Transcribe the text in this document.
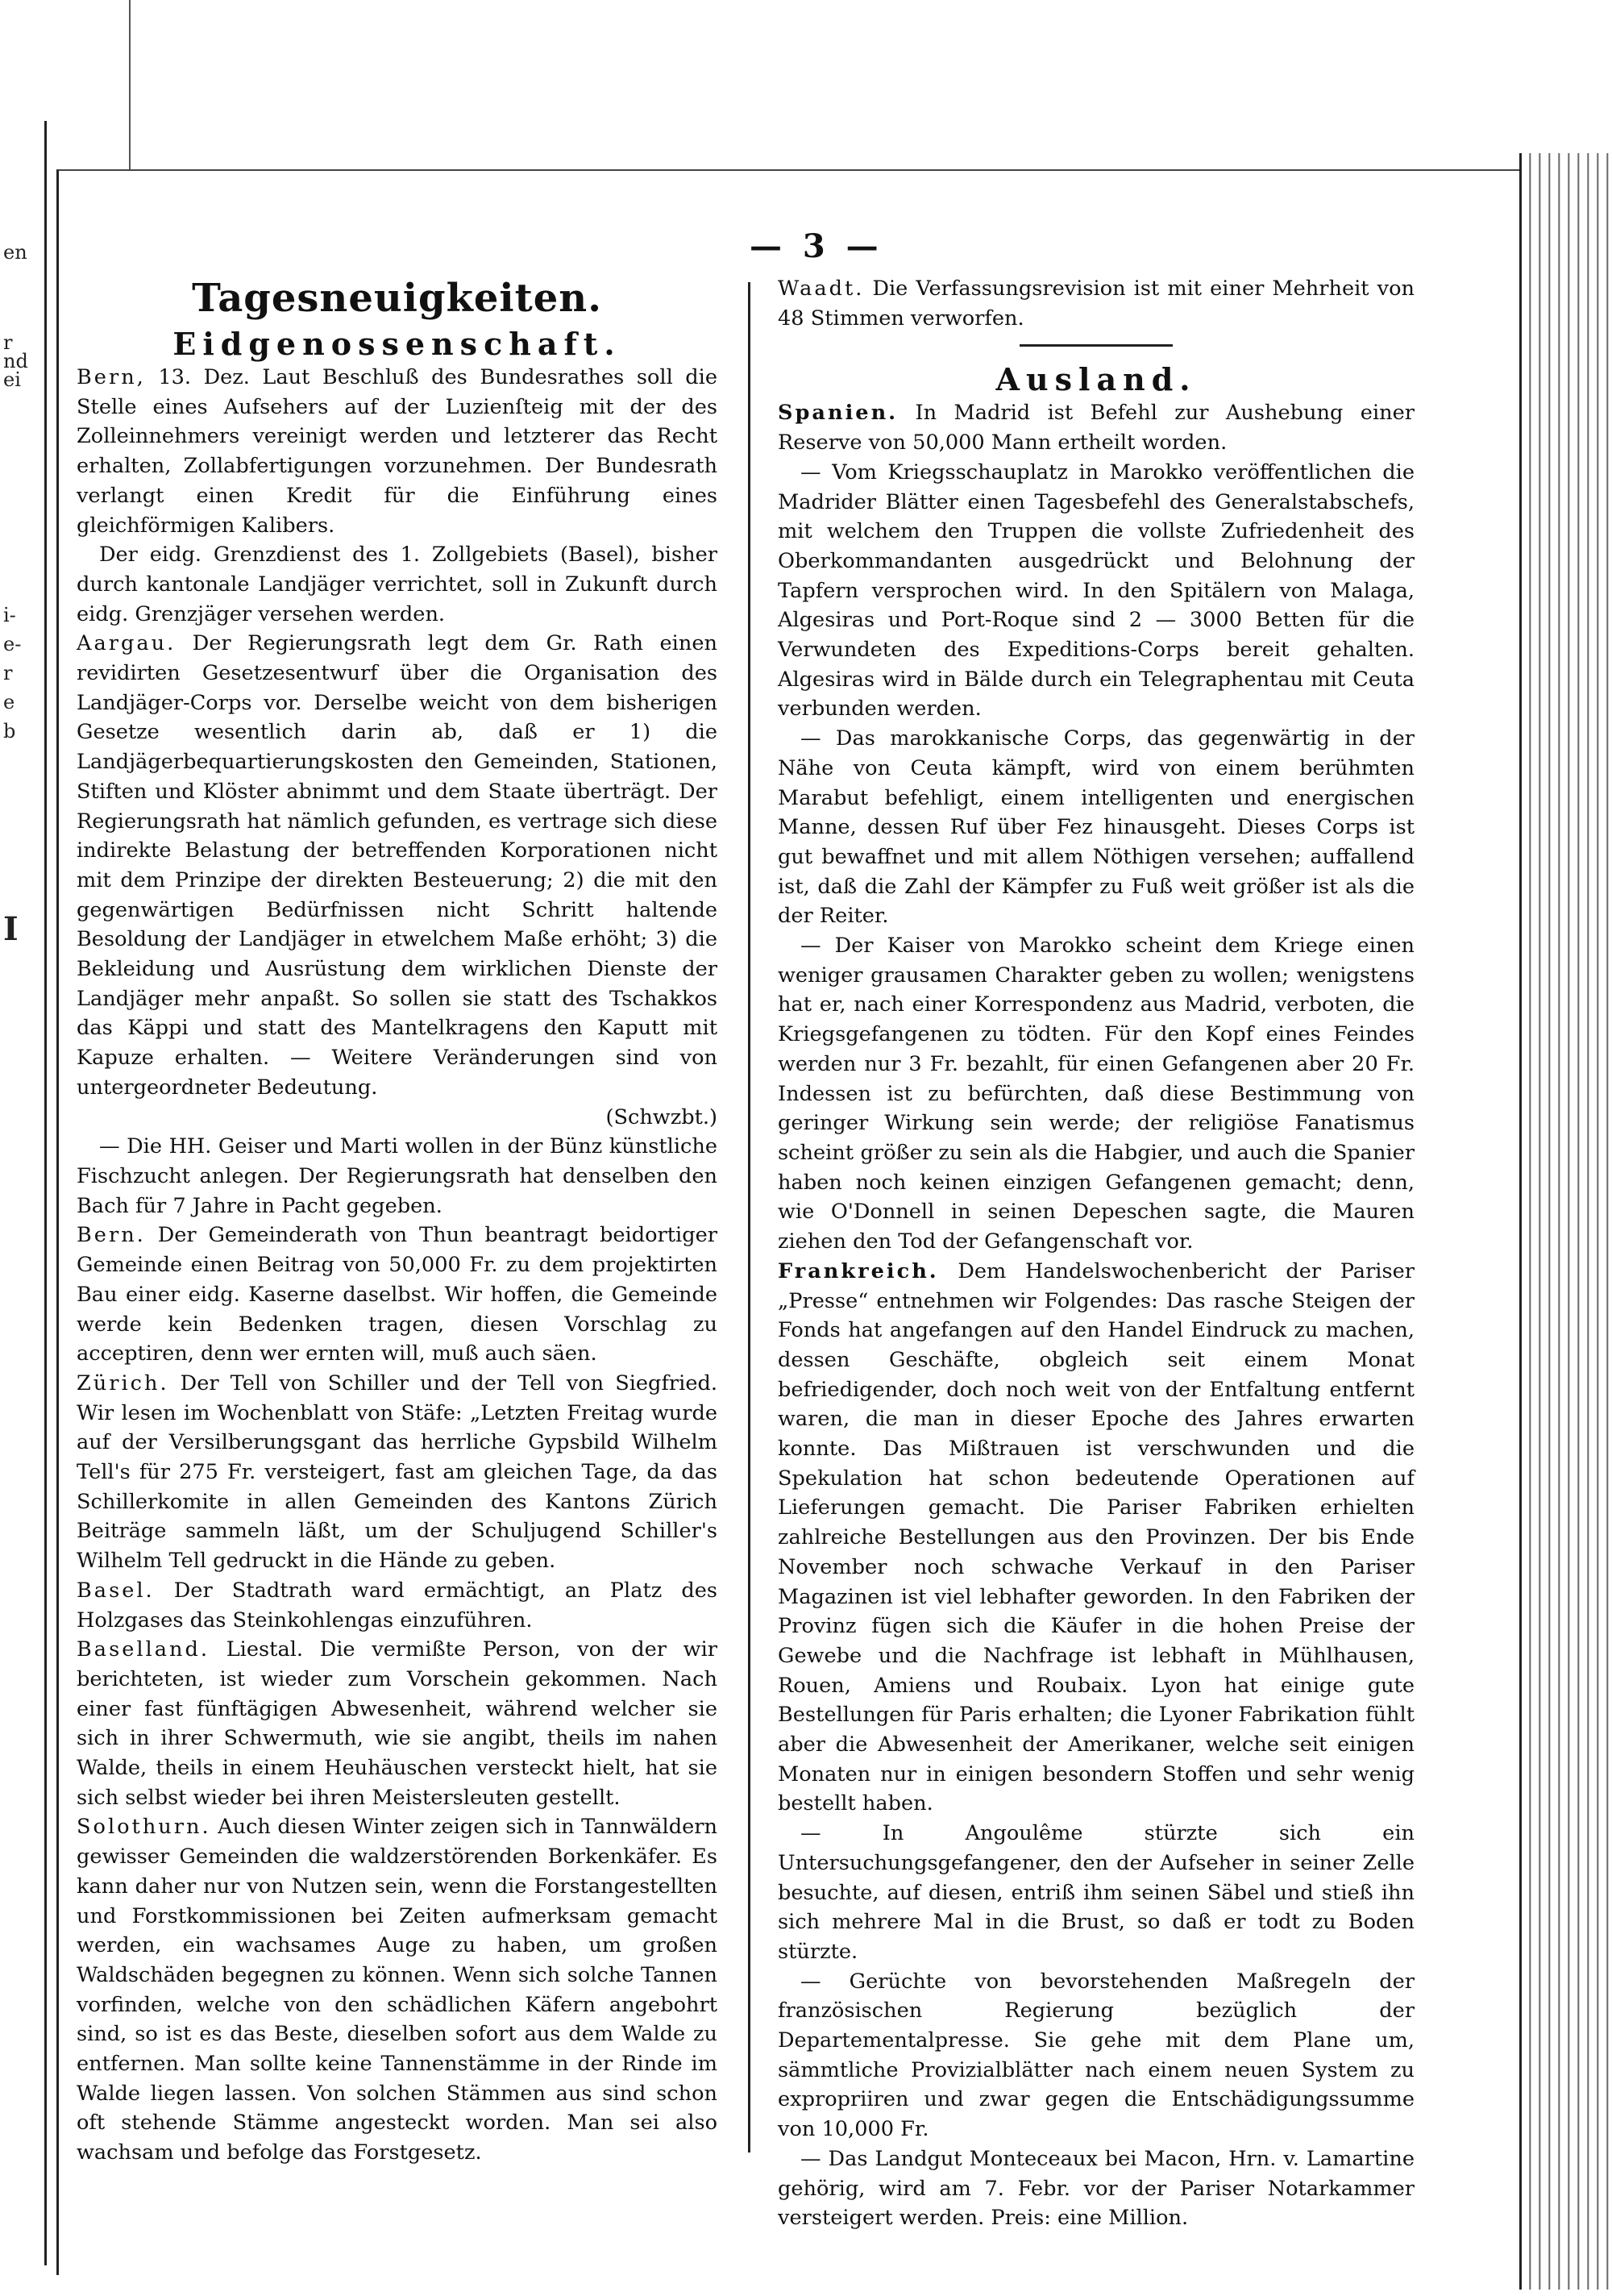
en
r
nd
ei
i-
e-
r
e
b
I
— 3 —
Tagesneuigkeiten.
Eidgenossenschaft.

Bern, 13. Dez. Laut Beschluß des Bundesrathes soll die Stelle eines Aufsehers auf der Luzienſteig mit der des Zolleinnehmers vereinigt werden und letzterer das Recht erhalten, Zollabfertigungen vorzunehmen. Der Bundesrath verlangt einen Kredit für die Einführung eines gleichförmigen Kalibers.

Der eidg. Grenzdienst des 1. Zollgebiets (Basel), bisher durch kantonale Landjäger verrichtet, soll in Zukunft durch eidg. Grenzjäger versehen werden.

Aargau. Der Regierungsrath legt dem Gr. Rath einen revidirten Gesetzesentwurf über die Organisation des Landjäger-Corps vor. Derselbe weicht von dem bisherigen Gesetze wesentlich darin ab, daß er 1) die Landjägerbequartierungskosten den Gemeinden, Stationen, Stiften und Klöster abnimmt und dem Staate überträgt. Der Regierungsrath hat nämlich gefunden, es vertrage sich diese indirekte Belastung der betreffenden Korporationen nicht mit dem Prinzipe der direkten Besteuerung; 2) die mit den gegenwärtigen Bedürfnissen nicht Schritt haltende Besoldung der Landjäger in etwelchem Maße erhöht; 3) die Bekleidung und Ausrüstung dem wirklichen Dienste der Landjäger mehr anpaßt. So sollen sie statt des Tschakkos das Käppi und statt des Mantelkragens den Kaputt mit Kapuze erhalten. — Weitere Veränderungen sind von untergeordneter Bedeutung.
(Schwzbt.)

— Die HH. Geiser und Marti wollen in der Bünz künstliche Fischzucht anlegen. Der Regierungsrath hat denselben den Bach für 7 Jahre in Pacht gegeben.

Bern. Der Gemeinderath von Thun beantragt beidortiger Gemeinde einen Beitrag von 50,000 Fr. zu dem projektirten Bau einer eidg. Kaserne daselbst. Wir hoffen, die Gemeinde werde kein Bedenken tragen, diesen Vorschlag zu acceptiren, denn wer ernten will, muß auch säen.

Zürich. Der Tell von Schiller und der Tell von Siegfried. Wir lesen im Wochenblatt von Stäfe: „Letzten Freitag wurde auf der Versilberungsgant das herrliche Gypsbild Wilhelm Tell's für 275 Fr. versteigert, fast am gleichen Tage, da das Schillerkomite in allen Gemeinden des Kantons Zürich Beiträge sammeln läßt, um der Schuljugend Schiller's Wilhelm Tell gedruckt in die Hände zu geben.

Basel. Der Stadtrath ward ermächtigt, an Platz des Holzgases das Steinkohlengas einzuführen.

Baselland. Liestal. Die vermißte Person, von der wir berichteten, ist wieder zum Vorschein gekommen. Nach einer fast fünftägigen Abwesenheit, während welcher sie sich in ihrer Schwermuth, wie sie angibt, theils im nahen Walde, theils in einem Heuhäuschen versteckt hielt, hat sie sich selbst wieder bei ihren Meistersleuten gestellt.

Solothurn. Auch diesen Winter zeigen sich in Tannwäldern gewisser Gemeinden die waldzerstörenden Borkenkäfer. Es kann daher nur von Nutzen sein, wenn die Forstangestellten und Forstkommissionen bei Zeiten aufmerksam gemacht werden, ein wachsames Auge zu haben, um großen Waldschäden begegnen zu können. Wenn sich solche Tannen vorfinden, welche von den schädlichen Käfern angebohrt sind, so ist es das Beste, dieselben sofort aus dem Walde zu entfernen. Man sollte keine Tannenstämme in der Rinde im Walde liegen lassen. Von solchen Stämmen aus sind schon oft stehende Stämme angesteckt worden. Man sei also wachsam und befolge das Forstgesetz.

Waadt. Die Verfassungsrevision ist mit einer Mehrheit von 48 Stimmen verworfen.

Ausland.

Spanien. In Madrid ist Befehl zur Aushebung einer Reserve von 50,000 Mann ertheilt worden.

— Vom Kriegsschauplatz in Marokko veröffentlichen die Madrider Blätter einen Tagesbefehl des Generalstabschefs, mit welchem den Truppen die vollste Zufriedenheit des Oberkommandanten ausgedrückt und Belohnung der Tapfern versprochen wird. In den Spitälern von Malaga, Algesiras und Port-Roque sind 2 — 3000 Betten für die Verwundeten des Expeditions-Corps bereit gehalten. Algesiras wird in Bälde durch ein Telegraphentau mit Ceuta verbunden werden.

— Das marokkanische Corps, das gegenwärtig in der Nähe von Ceuta kämpft, wird von einem berühmten Marabut befehligt, einem intelligenten und energischen Manne, dessen Ruf über Fez hinausgeht. Dieses Corps ist gut bewaffnet und mit allem Nöthigen versehen; auffallend ist, daß die Zahl der Kämpfer zu Fuß weit größer ist als die der Reiter.

— Der Kaiser von Marokko scheint dem Kriege einen weniger grausamen Charakter geben zu wollen; wenigstens hat er, nach einer Korrespondenz aus Madrid, verboten, die Kriegsgefangenen zu tödten. Für den Kopf eines Feindes werden nur 3 Fr. bezahlt, für einen Gefangenen aber 20 Fr. Indessen ist zu befürchten, daß diese Bestimmung von geringer Wirkung sein werde; der religiöse Fanatismus scheint größer zu sein als die Habgier, und auch die Spanier haben noch keinen einzigen Gefangenen gemacht; denn, wie O'Donnell in seinen Depeschen sagte, die Mauren ziehen den Tod der Gefangenschaft vor.

Frankreich. Dem Handelswochenbericht der Pariser „Presse“ entnehmen wir Folgendes: Das rasche Steigen der Fonds hat angefangen auf den Handel Eindruck zu machen, dessen Geschäfte, obgleich seit einem Monat befriedigender, doch noch weit von der Entfaltung entfernt waren, die man in dieser Epoche des Jahres erwarten konnte. Das Mißtrauen ist verschwunden und die Spekulation hat schon bedeutende Operationen auf Lieferungen gemacht. Die Pariser Fabriken erhielten zahlreiche Bestellungen aus den Provinzen. Der bis Ende November noch schwache Verkauf in den Pariser Magazinen ist viel lebhafter geworden. In den Fabriken der Provinz fügen sich die Käufer in die hohen Preise der Gewebe und die Nachfrage ist lebhaft in Mühlhausen, Rouen, Amiens und Roubaix. Lyon hat einige gute Bestellungen für Paris erhalten; die Lyoner Fabrikation fühlt aber die Abwesenheit der Amerikaner, welche seit einigen Monaten nur in einigen besondern Stoffen und sehr wenig bestellt haben.

— In Angoulême stürzte sich ein Untersuchungsgefangener, den der Aufseher in seiner Zelle besuchte, auf diesen, entriß ihm seinen Säbel und stieß ihn sich mehrere Mal in die Brust, so daß er todt zu Boden stürzte.

— Gerüchte von bevorstehenden Maßregeln der französischen Regierung bezüglich der Departementalpresse. Sie gehe mit dem Plane um, sämmtliche Provizialblätter nach einem neuen System zu expropriiren und zwar gegen die Entschädigungssumme von 10,000 Fr.

— Das Landgut Monteceaux bei Macon, Hrn. v. Lamartine gehörig, wird am 7. Febr. vor der Pariser Notarkammer versteigert werden. Preis: eine Million.
